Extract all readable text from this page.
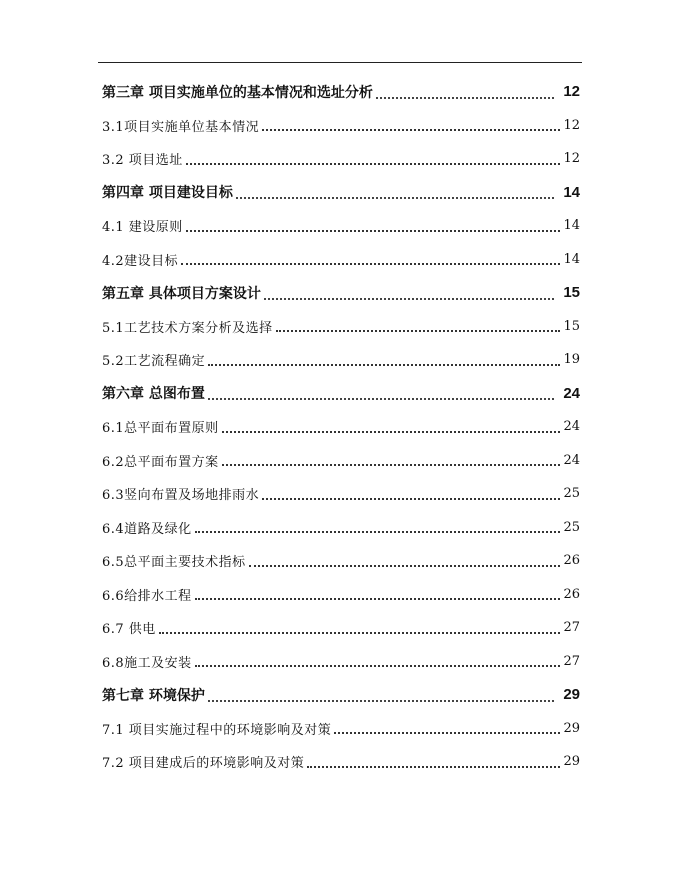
第三章 项目实施单位的基本情况和选址分析	12
3.1项目实施单位基本情况	12
3.2 项目选址	12
第四章 项目建设目标	14
4.1 建设原则	14
4.2建设目标	14
第五章 具体项目方案设计	15
5.1工艺技术方案分析及选择	15
5.2工艺流程确定	19
第六章 总图布置	24
6.1总平面布置原则	24
6.2总平面布置方案	24
6.3竖向布置及场地排雨水	25
6.4道路及绿化	25
6.5总平面主要技术指标	26
6.6给排水工程	26
6.7 供电	27
6.8施工及安装	27
第七章 环境保护	29
7.1 项目实施过程中的环境影响及对策	29
7.2 项目建成后的环境影响及对策	29
